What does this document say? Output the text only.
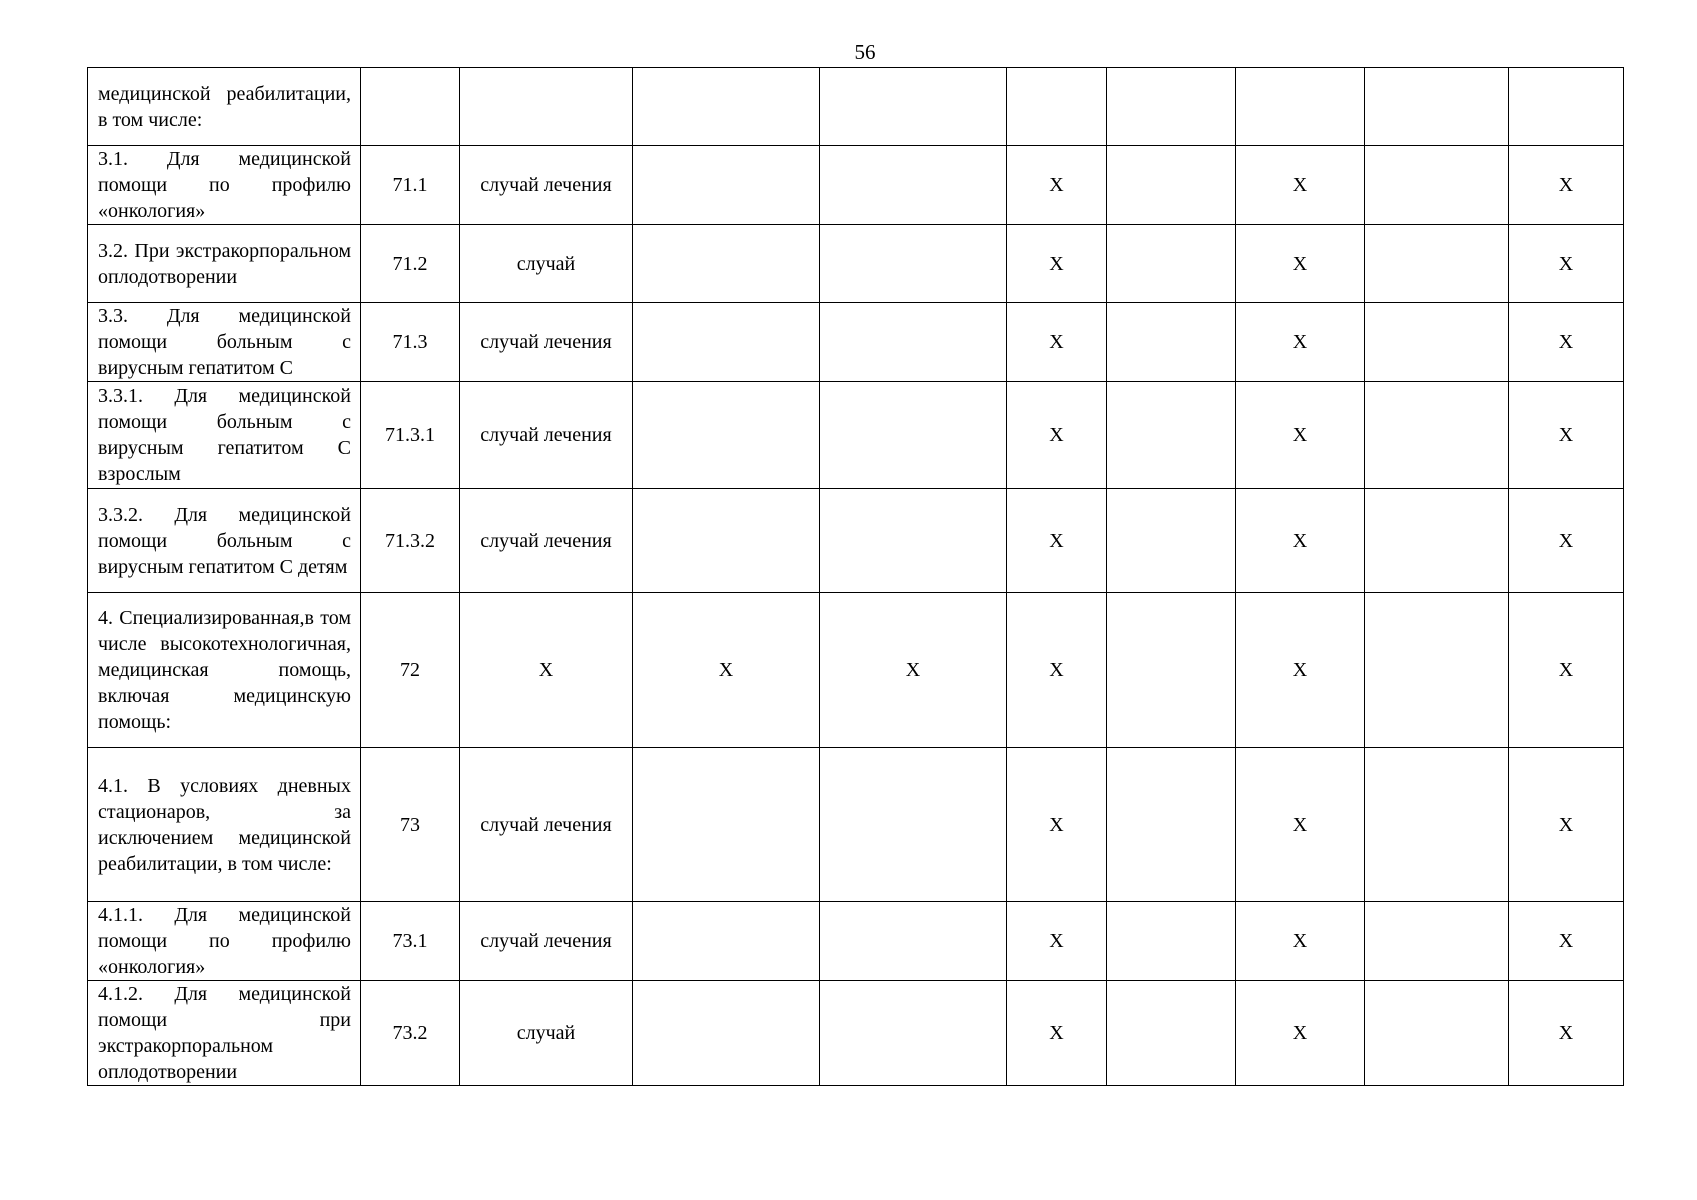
56
медицинской реабилитации, в том числе:									
3.1. Для медицинской помощи по профилю «онкология»	71.1	случай лечения			X		X		X
3.2. При экстракорпоральном оплодотворении	71.2	случай			X		X		X
3.3. Для медицинской помощи больным с вирусным гепатитом С	71.3	случай лечения			X		X		X
3.3.1. Для медицинской помощи больным с вирусным гепатитом С взрослым	71.3.1	случай лечения			X		X		X
3.3.2. Для медицинской помощи больным с вирусным гепатитом С детям	71.3.2	случай лечения			X		X		X
4. Специализированная,в том числе высокотехнологичная, медицинская помощь, включая медицинскую помощь:	72	X	X	X	X		X		X
4.1. В условиях дневных стационаров, за исключением медицинской реабилитации, в том числе:	73	случай лечения			X		X		X
4.1.1. Для медицинской помощи по профилю «онкология»	73.1	случай лечения			X		X		X
4.1.2. Для медицинской помощи при экстракорпоральном оплодотворении	73.2	случай			X		X		X
